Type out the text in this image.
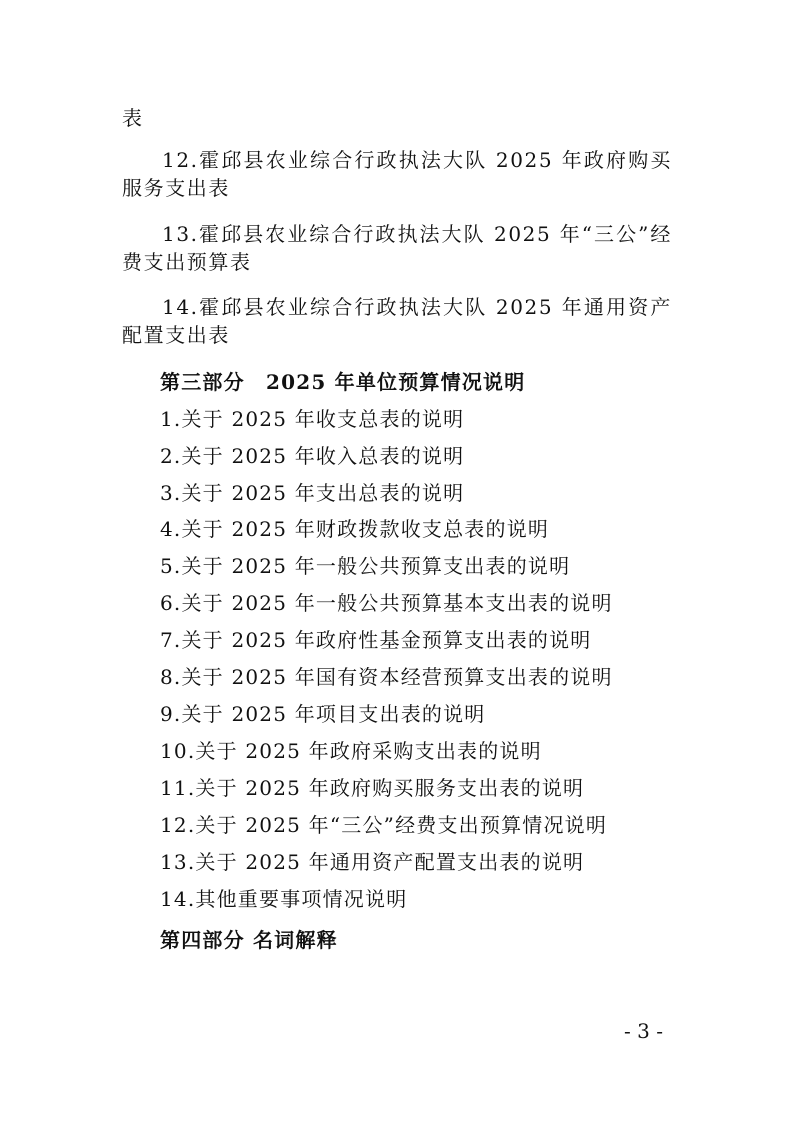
表
12.霍邱县农业综合行政执法大队 2025 年政府购买服务支出表
13.霍邱县农业综合行政执法大队 2025 年“三公”经费支出预算表
14.霍邱县农业综合行政执法大队 2025 年通用资产配置支出表
第三部分　2025 年单位预算情况说明
1.关于 2025 年收支总表的说明
2.关于 2025 年收入总表的说明
3.关于 2025 年支出总表的说明
4.关于 2025 年财政拨款收支总表的说明
5.关于 2025 年一般公共预算支出表的说明
6.关于 2025 年一般公共预算基本支出表的说明
7.关于 2025 年政府性基金预算支出表的说明
8.关于 2025 年国有资本经营预算支出表的说明
9.关于 2025 年项目支出表的说明
10.关于 2025 年政府采购支出表的说明
11.关于 2025 年政府购买服务支出表的说明
12.关于 2025 年“三公”经费支出预算情况说明
13.关于 2025 年通用资产配置支出表的说明
14.其他重要事项情况说明
第四部分 名词解释
- 3 -
